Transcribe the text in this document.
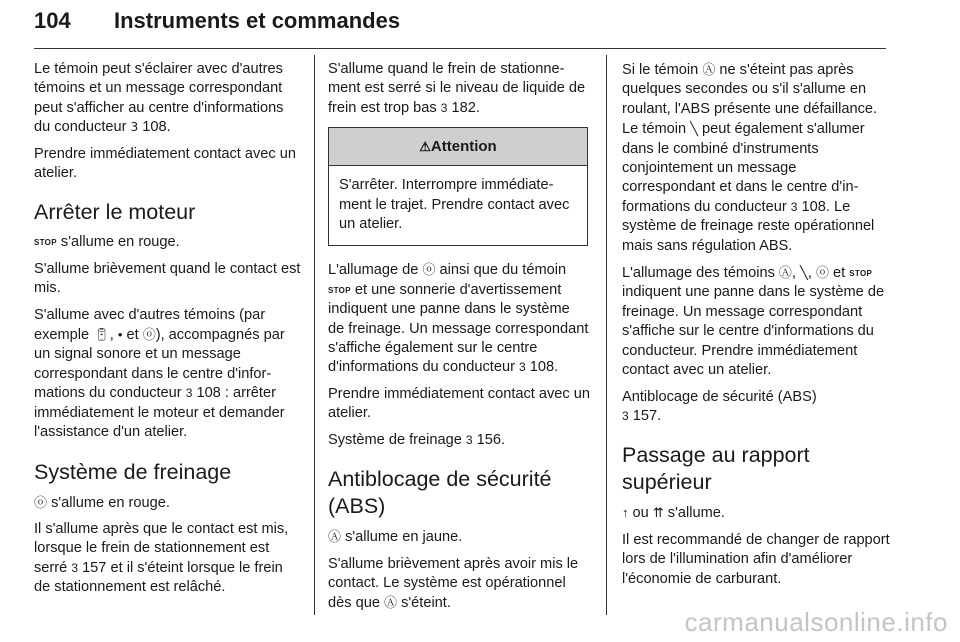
104 Instruments et commandes

Le témoin peut s'éclairer avec d'autres témoins et un message correspondant peut s'afficher au centre d'informations du conducteur 3 108.

Prendre immédiatement contact avec un atelier.

Arrêter le moteur

STOP s'allume en rouge.

S'allume brièvement quand le contact est mis.

S'allume avec d'autres témoins (par exemple 🔋︎, • et ⓞ), accompagnés par un signal sonore et un message correspondant dans le centre d'informations du conducteur 3 108 : arrêter immédiatement le moteur et demander l'assistance d'un atelier.

Système de freinage

ⓞ s'allume en rouge.

Il s'allume après que le contact est mis, lorsque le frein de stationnement est serré 3 157 et il s'éteint lorsque le frein de stationnement est relâché.

S'allume quand le frein de stationnement est serré si le niveau de liquide de frein est trop bas 3 182.

⚠Attention
S'arrêter. Interrompre immédiatement le trajet. Prendre contact avec un atelier.

L'allumage de ⓞ ainsi que du témoin STOP et une sonnerie d'avertissement indiquent une panne dans le système de freinage. Un message correspondant s'affiche également sur le centre d'informations du conducteur 3 108.

Prendre immédiatement contact avec un atelier.

Système de freinage 3 156.

Antiblocage de sécurité (ABS)

Ⓐ s'allume en jaune.

S'allume brièvement après avoir mis le contact. Le système est opérationnel dès que Ⓐ s'éteint.

Si le témoin Ⓐ ne s'éteint pas après quelques secondes ou s'il s'allume en roulant, l'ABS présente une défaillance. Le témoin ╲ peut également s'allumer dans le combiné d'instruments conjointement un message correspondant et dans le centre d'informations du conducteur 3 108. Le système de freinage reste opérationnel mais sans régulation ABS.

L'allumage des témoins Ⓐ, ╲, ⓞ et STOP indiquent une panne dans le système de freinage. Un message correspondant s'affiche sur le centre d'informations du conducteur. Prendre immédiatement contact avec un atelier.

Antiblocage de sécurité (ABS)
3 157.

Passage au rapport supérieur

↑ ou ⇈ s'allume.

Il est recommandé de changer de rapport lors de l'illumination afin d'améliorer l'économie de carburant.

carmanualsonline.info
